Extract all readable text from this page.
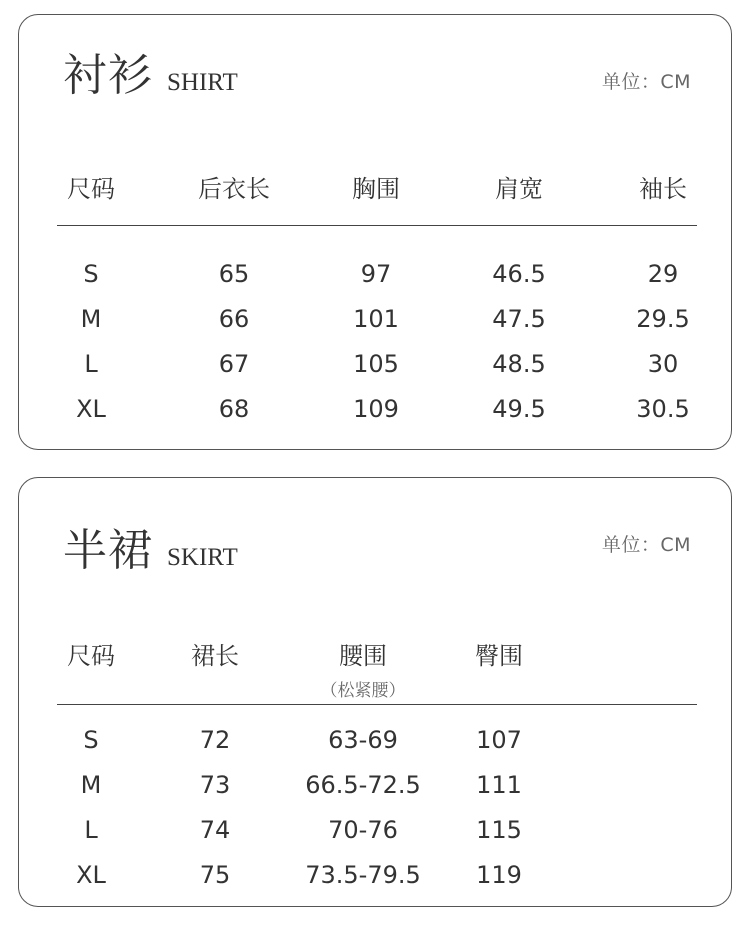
衬衫 SHIRT	单位：CM
尺码	后衣长	胸围	肩宽	袖长
S	65	97	46.5	29
M	66	101	47.5	29.5
L	67	105	48.5	30
XL	68	109	49.5	30.5
半裙 SKIRT	单位：CM
尺码	裙长	腰围	臀围
（松紧腰）
S	72	63-69	107
M	73	66.5-72.5	111
L	74	70-76	115
XL	75	73.5-79.5	119
